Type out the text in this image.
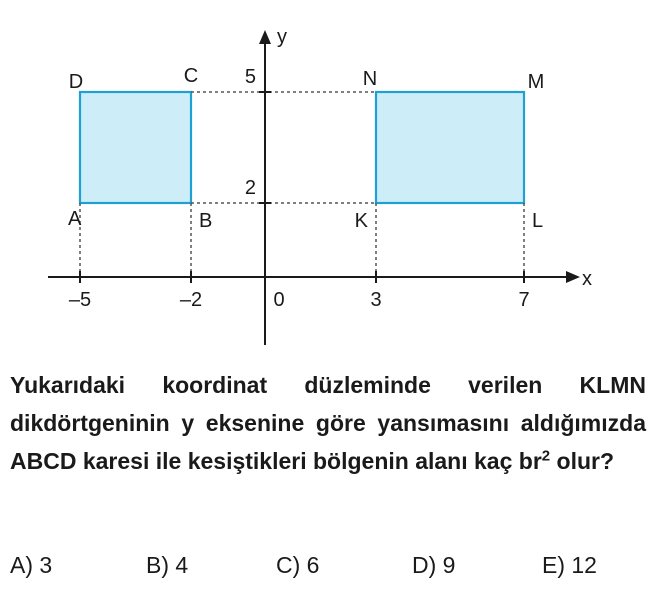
x
y
–5	–2	0	3	7
2
5
A	B
C
D
K	L
M
N
Yukarıdaki koordinat düzleminde verilen KLMN dikdörtgeninin y eksenine göre yansımasını aldığımızda ABCD karesi ile kesiştikleri bölgenin alanı kaç $br^2$ olur?
A) 3	B) 4	C) 6	D) 9	E) 12
